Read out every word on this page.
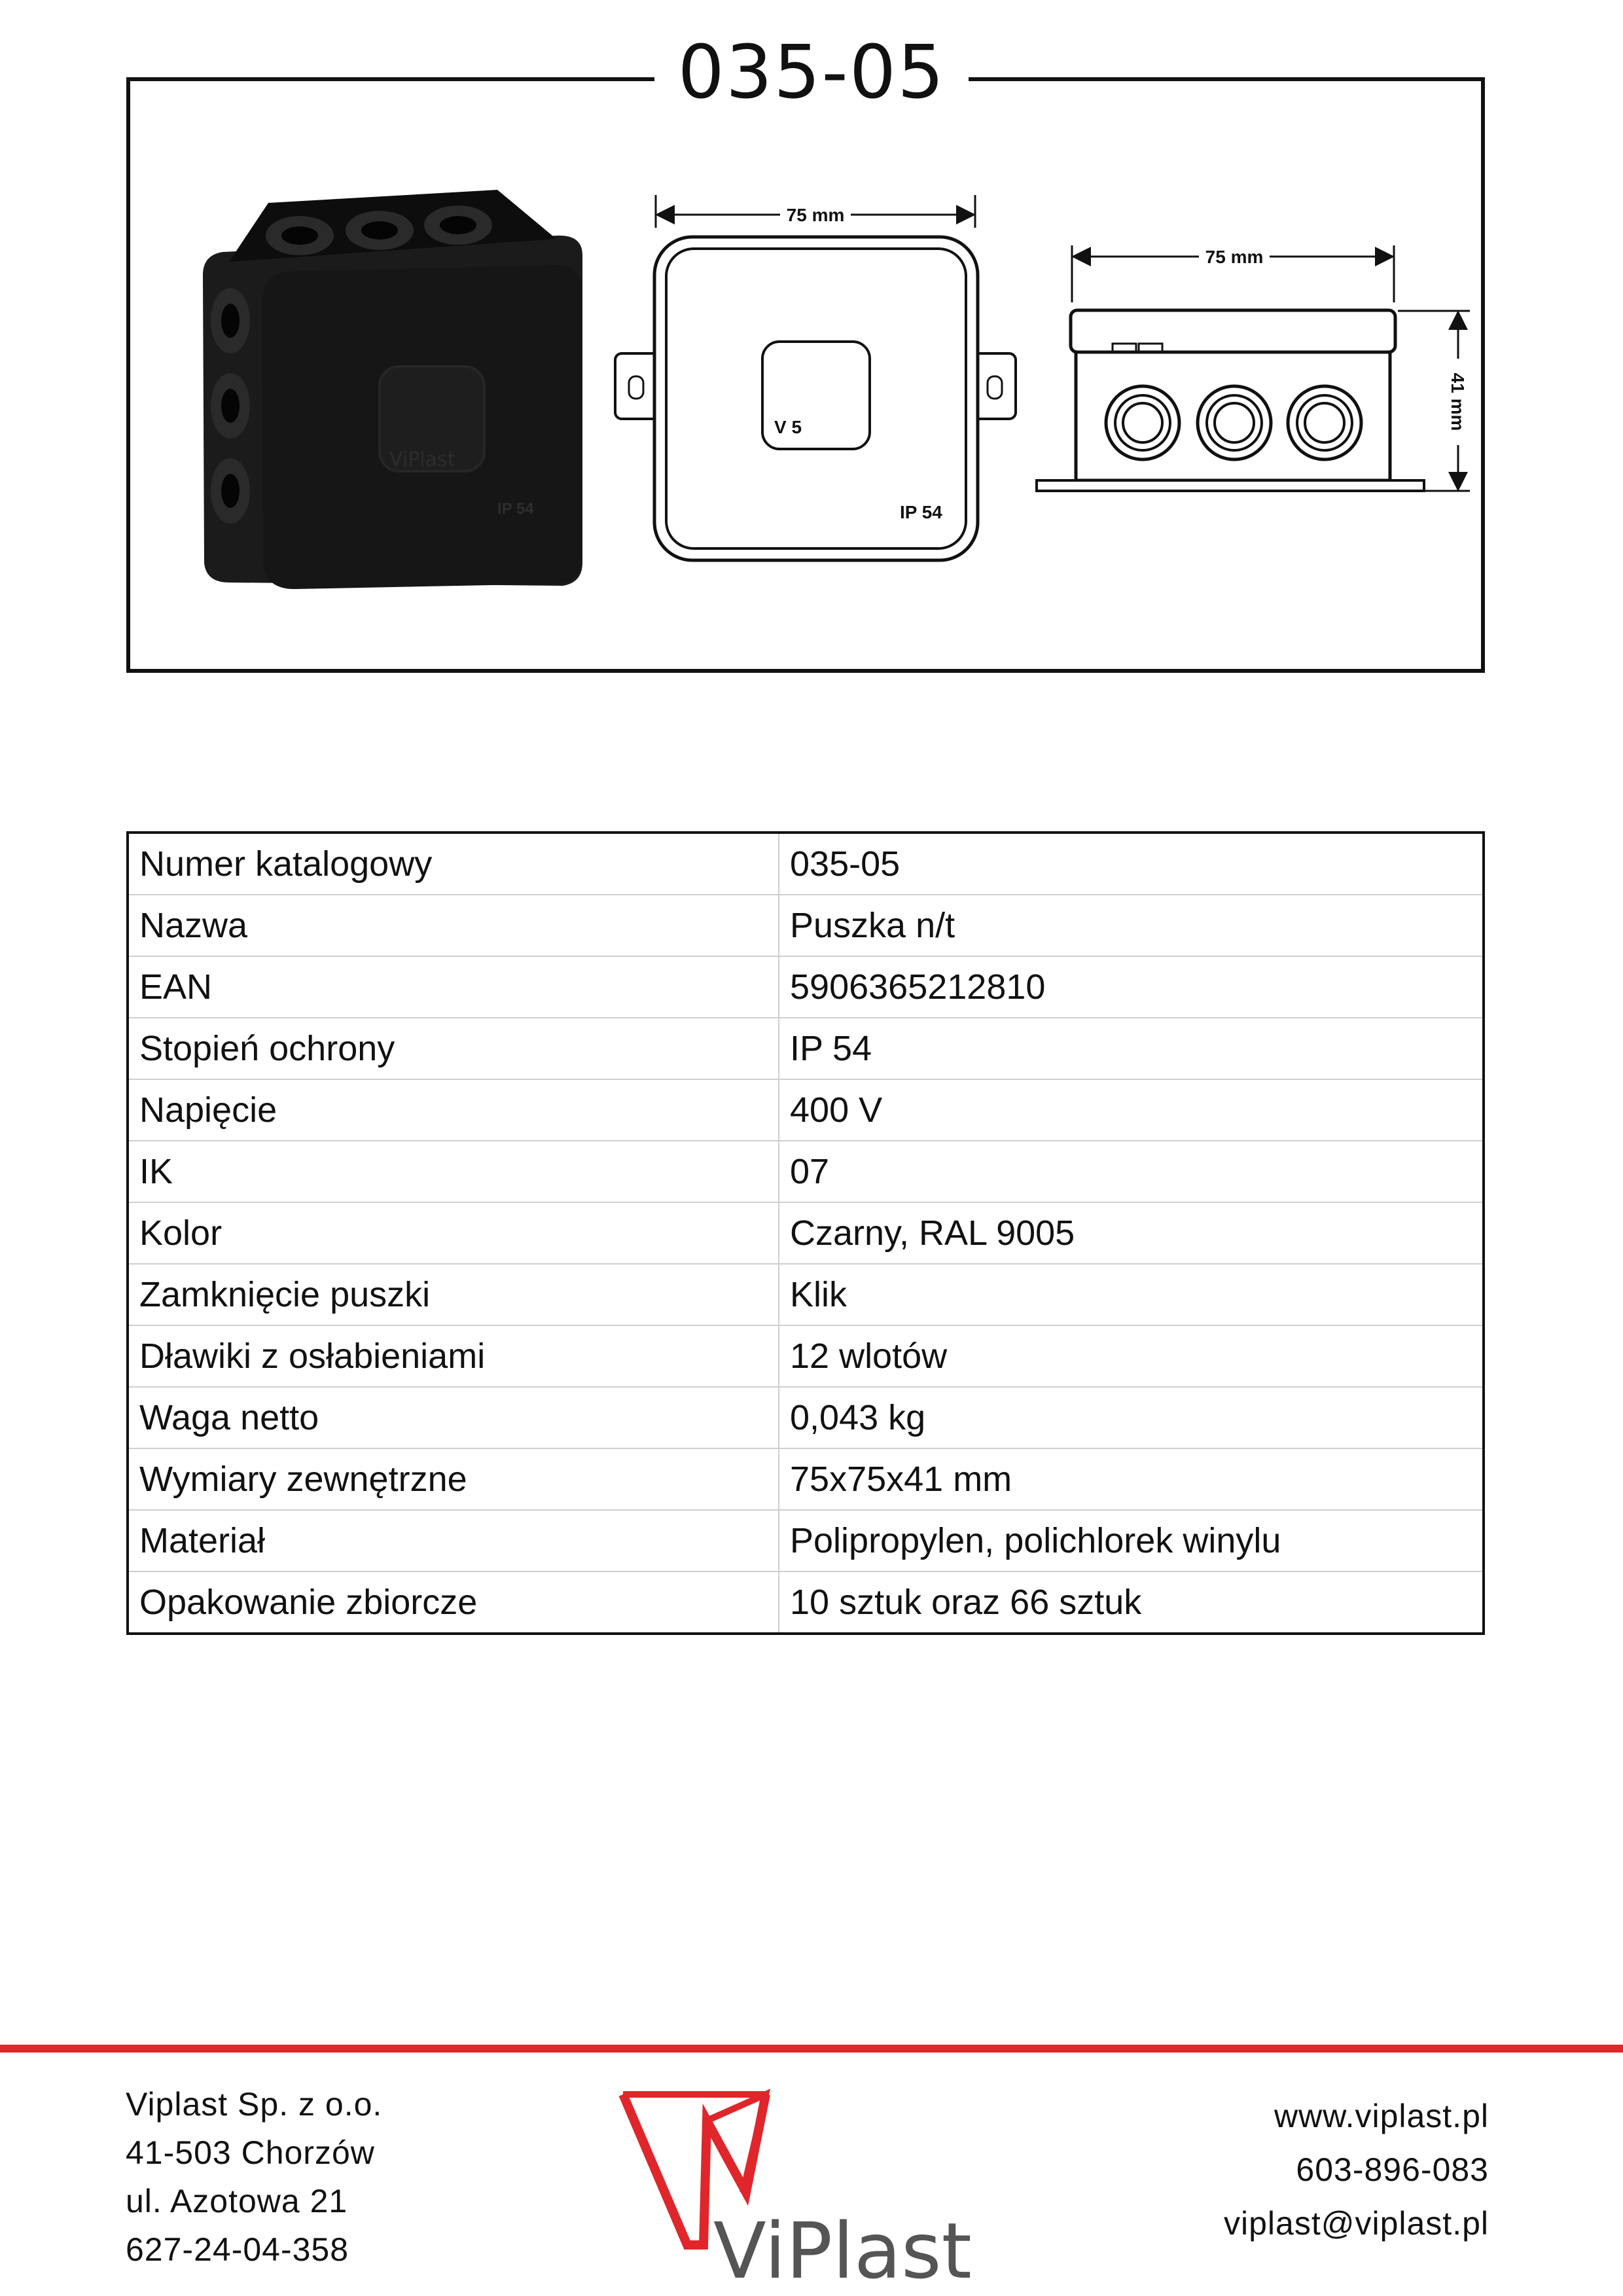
035-05
ViPlast
IP 54
75 mm
V 5
IP 54
75 mm
41 mm
Numer katalogowy	035-05
Nazwa	Puszka n/t
EAN	5906365212810
Stopień ochrony	IP 54
Napięcie	400 V
IK	07
Kolor	Czarny, RAL 9005
Zamknięcie puszki	Klik
Dławiki z osłabieniami	12 wlotów
Waga netto	0,043 kg
Wymiary zewnętrzne	75x75x41 mm
Materiał	Polipropylen, polichlorek winylu
Opakowanie zbiorcze	10 sztuk oraz 66 sztuk
Viplast Sp. z o.o.
41-503 Chorzów
ul. Azotowa 21
627-24-04-358	ViPlast
www.viplast.pl
603-896-083
viplast@viplast.pl
